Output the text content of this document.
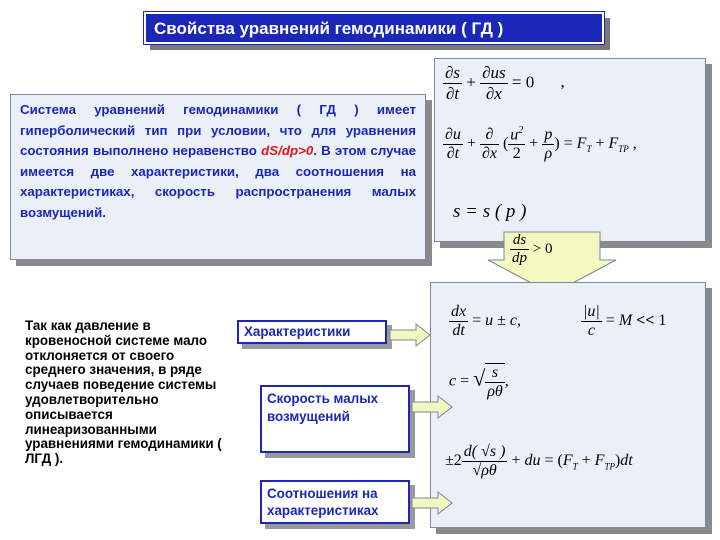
Свойства уравнений гемодинамики ( ГД )
Система уравнений гемодинамики ( ГД ) имеет гиперболический тип при условии, что для уравнения состояния выполнено неравенство dS/dp>0. В этом случае имеется две характеристики, два соотношения на характеристиках, скорость распространения малых возмущений.
$\frac{\partial s}{\partial t} + \frac{\partial us}{\partial x} = 0$ ,
$\frac{\partial u}{\partial t} + \frac{\partial}{\partial x}$ ( $\frac{u^2}{2} + \frac{p}{\rho}$ ) = $F_T + F_{TP}$ ,
s = s ( p )
$\frac{ds}{dp} > 0$
$\frac{dx}{dt} = u \pm c$,	$\frac{|u|}{c} = M << 1$
c = √ $\frac{s}{\rho\theta}$ ,
$\pm 2 \frac{d( √s )}{√\rho\theta}$ + du = $(F_T + F_{TP})dt$
Так как давление в кровеносной системе мало отклоняется от своего среднего значения, в ряде случаев поведение системы удовлетворительно описывается линеаризованными уравнениями гемодинамики ( ЛГД ).
Характеристики
Скорость малых возмущений
Соотношения на характеристиках
